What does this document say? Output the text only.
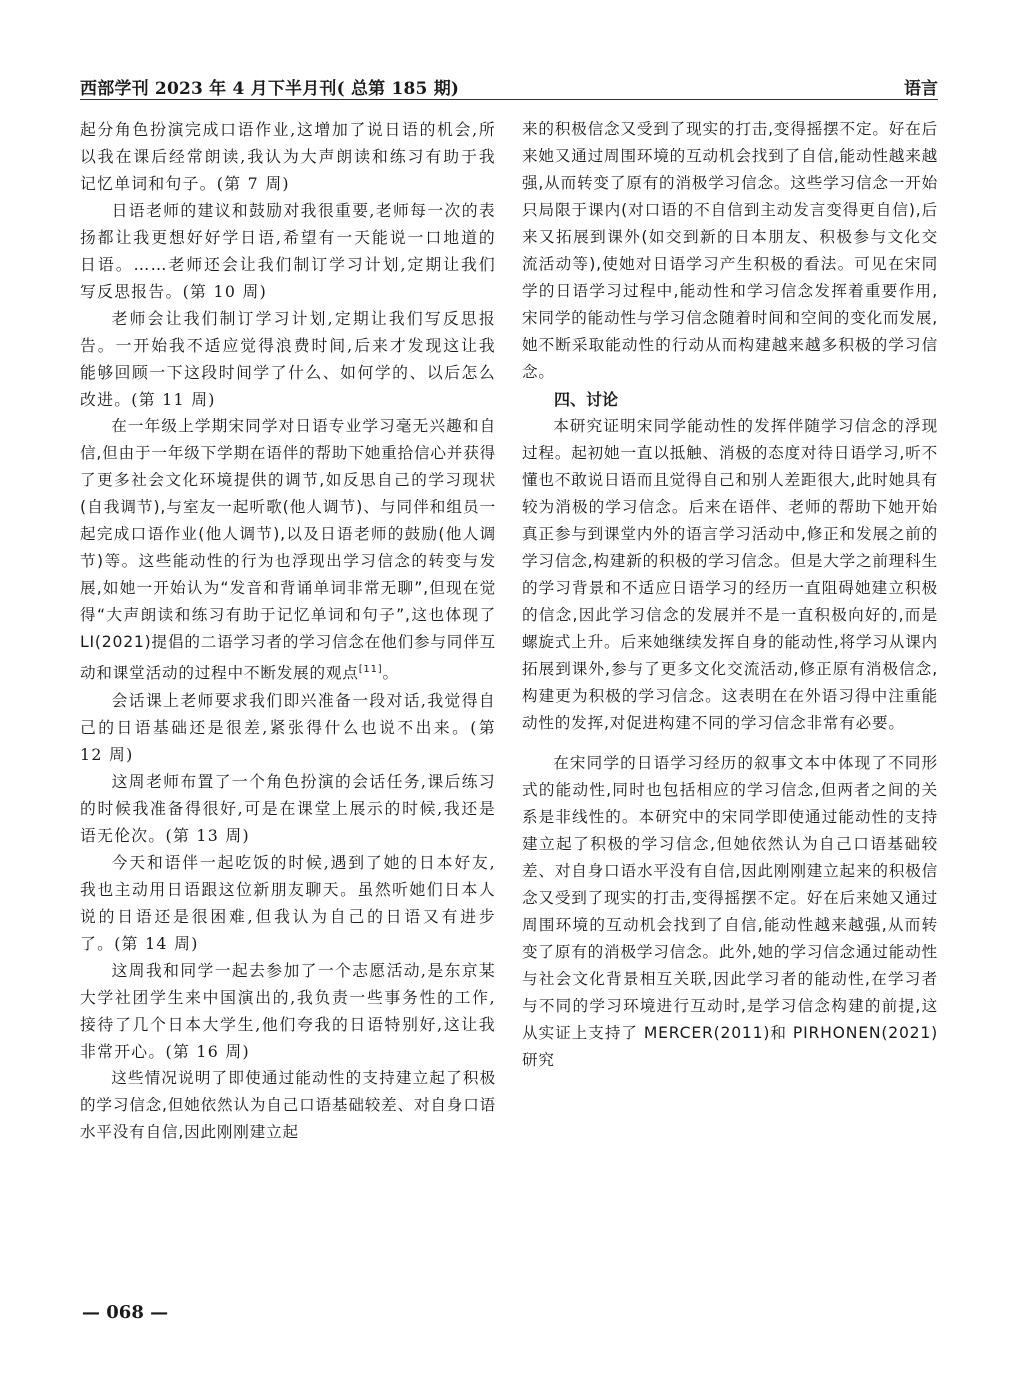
西部学刊 2023 年 4 月下半月刊( 总第 185 期)	语言

起分角色扮演完成口语作业,这增加了说日语的机会,所以我在课后经常朗读,我认为大声朗读和练习有助于我记忆单词和句子。(第 7 周)

日语老师的建议和鼓励对我很重要,老师每一次的表扬都让我更想好好学日语,希望有一天能说一口地道的日语。……老师还会让我们制订学习计划,定期让我们写反思报告。(第 10 周)

老师会让我们制订学习计划,定期让我们写反思报告。一开始我不适应觉得浪费时间,后来才发现这让我能够回顾一下这段时间学了什么、如何学的、以后怎么改进。(第 11 周)

在一年级上学期宋同学对日语专业学习毫无兴趣和自信,但由于一年级下学期在语伴的帮助下她重拾信心并获得了更多社会文化环境提供的调节,如反思自己的学习现状(自我调节),与室友一起听歌(他人调节)、与同伴和组员一起完成口语作业(他人调节),以及日语老师的鼓励(他人调节)等。这些能动性的行为也浮现出学习信念的转变与发展,如她一开始认为“发音和背诵单词非常无聊”,但现在觉得“大声朗读和练习有助于记忆单词和句子”,这也体现了 LI(2021)提倡的二语学习者的学习信念在他们参与同伴互动和课堂活动的过程中不断发展的观点[11]。

会话课上老师要求我们即兴准备一段对话,我觉得自己的日语基础还是很差,紧张得什么也说不出来。(第 12 周)

这周老师布置了一个角色扮演的会话任务,课后练习的时候我准备得很好,可是在课堂上展示的时候,我还是语无伦次。(第 13 周)

今天和语伴一起吃饭的时候,遇到了她的日本好友,我也主动用日语跟这位新朋友聊天。虽然听她们日本人说的日语还是很困难,但我认为自己的日语又有进步了。(第 14 周)

这周我和同学一起去参加了一个志愿活动,是东京某大学社团学生来中国演出的,我负责一些事务性的工作,接待了几个日本大学生,他们夸我的日语特别好,这让我非常开心。(第 16 周)

这些情况说明了即使通过能动性的支持建立起了积极的学习信念,但她依然认为自己口语基础较差、对自身口语水平没有自信,因此刚刚建立起

来的积极信念又受到了现实的打击,变得摇摆不定。好在后来她又通过周围环境的互动机会找到了自信,能动性越来越强,从而转变了原有的消极学习信念。这些学习信念一开始只局限于课内(对口语的不自信到主动发言变得更自信),后来又拓展到课外(如交到新的日本朋友、积极参与文化交流活动等),使她对日语学习产生积极的看法。可见在宋同学的日语学习过程中,能动性和学习信念发挥着重要作用,宋同学的能动性与学习信念随着时间和空间的变化而发展,她不断采取能动性的行动从而构建越来越多积极的学习信念。

四、讨论

本研究证明宋同学能动性的发挥伴随学习信念的浮现过程。起初她一直以抵触、消极的态度对待日语学习,听不懂也不敢说日语而且觉得自己和别人差距很大,此时她具有较为消极的学习信念。后来在语伴、老师的帮助下她开始真正参与到课堂内外的语言学习活动中,修正和发展之前的学习信念,构建新的积极的学习信念。但是大学之前理科生的学习背景和不适应日语学习的经历一直阻碍她建立积极的信念,因此学习信念的发展并不是一直积极向好的,而是螺旋式上升。后来她继续发挥自身的能动性,将学习从课内拓展到课外,参与了更多文化交流活动,修正原有消极信念,构建更为积极的学习信念。这表明在在外语习得中注重能动性的发挥,对促进构建不同的学习信念非常有必要。

在宋同学的日语学习经历的叙事文本中体现了不同形式的能动性,同时也包括相应的学习信念,但两者之间的关系是非线性的。本研究中的宋同学即使通过能动性的支持建立起了积极的学习信念,但她依然认为自己口语基础较差、对自身口语水平没有自信,因此刚刚建立起来的积极信念又受到了现实的打击,变得摇摆不定。好在后来她又通过周围环境的互动机会找到了自信,能动性越来越强,从而转变了原有的消极学习信念。此外,她的学习信念通过能动性与社会文化背景相互关联,因此学习者的能动性,在学习者与不同的学习环境进行互动时,是学习信念构建的前提,这从实证上支持了 MERCER(2011)和 PIRHONEN(2021)研究

— 068 —
